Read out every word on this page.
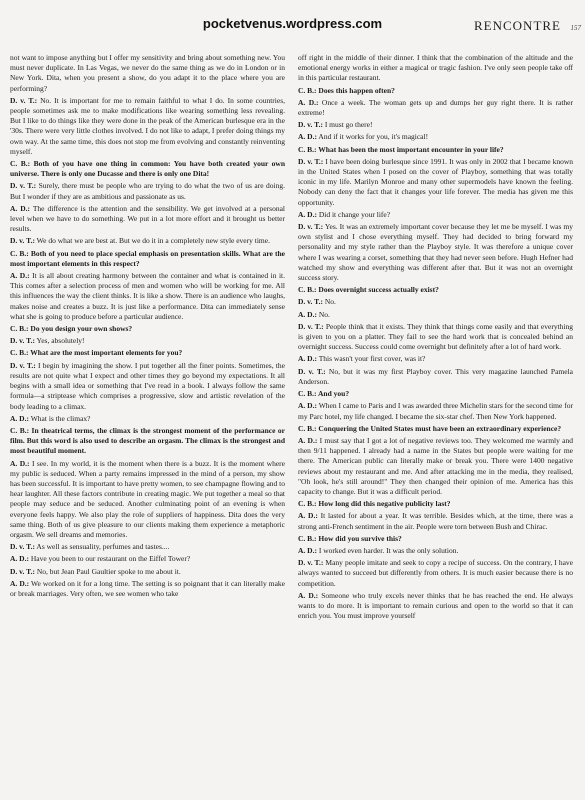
pocketvenus.wordpress.com	RENCONTRE 157

not want to impose anything but I offer my sensitivity and bring about something new. You must never duplicate. In Las Vegas, we never do the same thing as we do in London or in New York. Dita, when you present a show, do you adapt it to the place where you are performing?

D. v. T.: No. It is important for me to remain faithful to what I do. In some countries, people sometimes ask me to make modifications like wearing something less revealing. But I like to do things like they were done in the peak of the American burlesque era in the '30s. There were very little clothes involved. I do not like to adapt, I prefer doing things my own way. At the same time, this does not stop me from evolving and constantly reinventing myself.

C. B.: Both of you have one thing in common: You have both created your own universe. There is only one Ducasse and there is only one Dita!

D. v. T.: Surely, there must be people who are trying to do what the two of us are doing. But I wonder if they are as ambitious and passionate as us.

A. D.: The difference is the attention and the sensibility. We get involved at a personal level when we have to do something. We put in a lot more effort and it brought us better results.

D. v. T.: We do what we are best at. But we do it in a completely new style every time.

C. B.: Both of you need to place special emphasis on presentation skills. What are the most important elements in this respect?

A. D.: It is all about creating harmony between the container and what is contained in it. This comes after a selection process of men and women who will be working for me. All this influences the way the client thinks. It is like a show. There is an audience who laughs, makes noise and creates a buzz. It is just like a performance. Dita can immediately sense what she is going to produce before a particular audience.

C. B.: Do you design your own shows?

D. v. T.: Yes, absolutely!

C. B.: What are the most important elements for you?

D. v. T.: I begin by imagining the show. I put together all the finer points. Sometimes, the results are not quite what I expect and other times they go beyond my expectations. It all begins with a small idea or something that I've read in a book. I always follow the same formula—a striptease which comprises a progressive, slow and artistic revelation of the body leading to a climax.

A. D.: What is the climax?

C. B.: In theatrical terms, the climax is the strongest moment of the performance or film. But this word is also used to describe an orgasm. The climax is the strongest and most beautiful moment.

A. D.: I see. In my world, it is the moment when there is a buzz. It is the moment where my public is seduced. When a party remains impressed in the mind of a person, my show has been successful. It is important to have pretty women, to see champagne flowing and to hear laughter. All these factors contribute in creating magic. We put together a meal so that people may seduce and be seduced. Another culminating point of an evening is when everyone feels happy. We also play the role of suppliers of happiness. Dita does the very same thing. Both of us give pleasure to our clients making them experience a metaphoric orgasm. We sell dreams and memories.

D. v. T.: As well as sensuality, perfumes and tastes....

A. D.: Have you been to our restaurant on the Eiffel Tower?

D. v. T.: No, but Jean Paul Gaultier spoke to me about it.

A. D.: We worked on it for a long time. The setting is so poignant that it can literally make or break marriages. Very often, we see women who take

off right in the middle of their dinner. I think that the combination of the altitude and the emotional energy works in either a magical or tragic fashion. I've only seen people take off in this particular restaurant.

C. B.: Does this happen often?

A. D.: Once a week. The woman gets up and dumps her guy right there. It is rather extreme!

D. v. T.: I must go there!

A. D.: And if it works for you, it's magical!

C. B.: What has been the most important encounter in your life?

D. v. T.: I have been doing burlesque since 1991. It was only in 2002 that I became known in the United States when I posed on the cover of Playboy, something that was totally iconic in my life. Marilyn Monroe and many other supermodels have known the feeling. Nobody can deny the fact that it changes your life forever. The media has given me this opportunity.

A. D.: Did it change your life?

D. v. T.: Yes. It was an extremely important cover because they let me be myself. I was my own stylist and I chose everything myself. They had decided to bring forward my personality and my style rather than the Playboy style. It was therefore a unique cover where I was wearing a corset, something that they had never seen before. Hugh Hefner had watched my show and everything was different after that. But it was not an overnight success story.

C. B.: Does overnight success actually exist?

D. v. T.: No.

A. D.: No.

D. v. T.: People think that it exists. They think that things come easily and that everything is given to you on a platter. They fail to see the hard work that is concealed behind an overnight success. Success could come overnight but definitely after a lot of hard work.

A. D.: This wasn't your first cover, was it?

D. v. T.: No, but it was my first Playboy cover. This very magazine launched Pamela Anderson.

C. B.: And you?

A. D.: When I came to Paris and I was awarded three Michelin stars for the second time for my Parc hotel, my life changed. I became the six-star chef. Then New York happened.

C. B.: Conquering the United States must have been an extraordinary experience?

A. D.: I must say that I got a lot of negative reviews too. They welcomed me warmly and then 9/11 happened. I already had a name in the States but people were waiting for me there. The American public can literally make or break you. There were 1400 negative reviews about my restaurant and me. And after attacking me in the media, they realised, "Oh look, he's still around!" They then changed their opinion of me. America has this capacity to change. But it was a difficult period.

C. B.: How long did this negative publicity last?

A. D.: It lasted for about a year. It was terrible. Besides which, at the time, there was a strong anti-French sentiment in the air. People were torn between Bush and Chirac.

C. B.: How did you survive this?

A. D.: I worked even harder. It was the only solution.

D. v. T.: Many people imitate and seek to copy a recipe of success. On the contrary, I have always wanted to succeed but differently from others. It is much easier because there is no competition.

A. D.: Someone who truly excels never thinks that he has reached the end. He always wants to do more. It is important to remain curious and open to the world so that it can enrich you. You must improve yourself
